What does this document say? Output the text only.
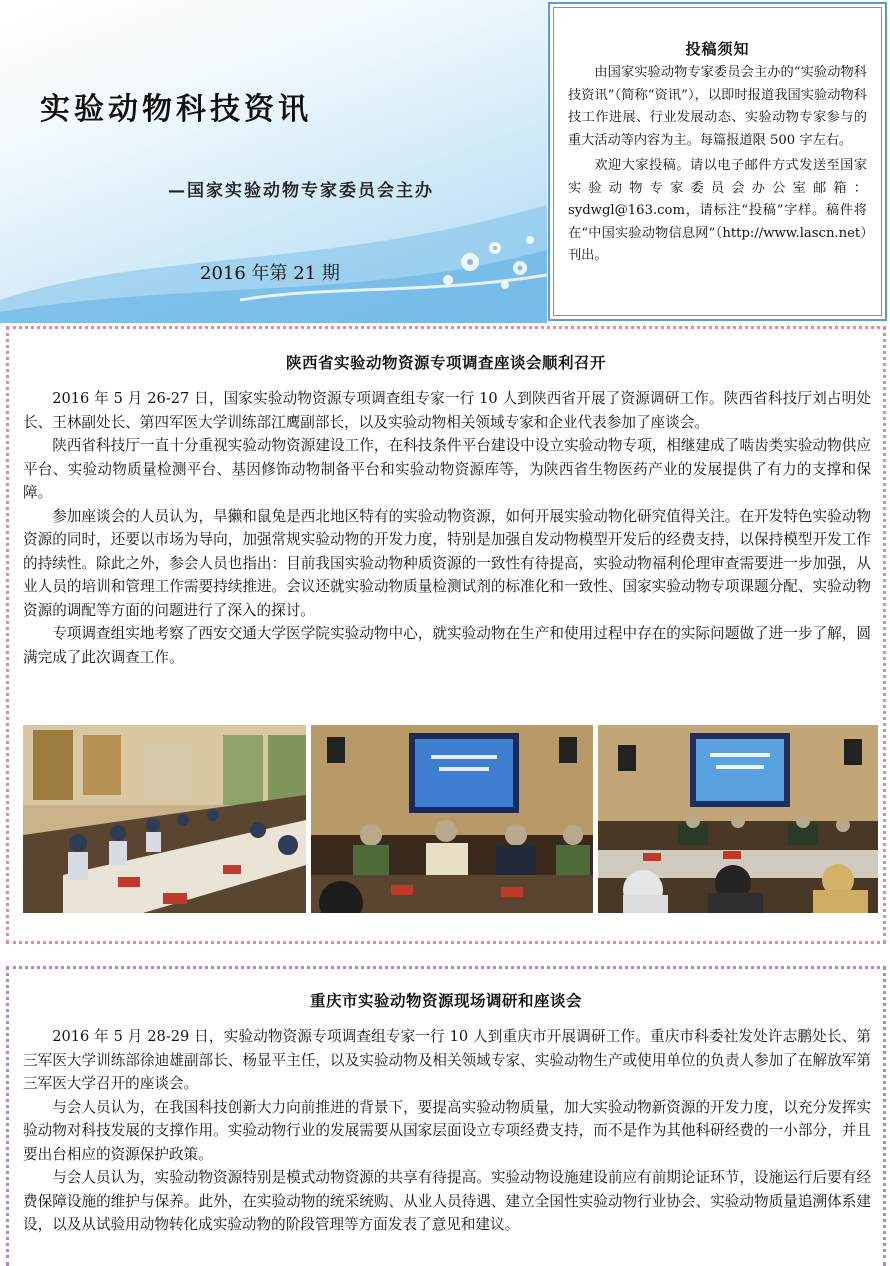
实验动物科技资讯
—国家实验动物专家委员会主办
2016 年第 21 期
投稿须知

由国家实验动物专家委员会主办的“实验动物科技资讯”（简称“资讯”），以即时报道我国实验动物科技工作进展、行业发展动态、实验动物专家参与的重大活动等内容为主。每篇报道限 500 字左右。

欢迎大家投稿。请以电子邮件方式发送至国家实验动物专家委员会办公室邮箱：sydwgl@163.com，请标注“投稿”字样。稿件将在“中国实验动物信息网”（http://www.lascn.net）刊出。

陕西省实验动物资源专项调查座谈会顺利召开

2016 年 5 月 26-27 日，国家实验动物资源专项调查组专家一行 10 人到陕西省开展了资源调研工作。陕西省科技厅刘占明处长、王林副处长、第四军医大学训练部江鹰副部长，以及实验动物相关领域专家和企业代表参加了座谈会。

陕西省科技厅一直十分重视实验动物资源建设工作，在科技条件平台建设中设立实验动物专项，相继建成了啮齿类实验动物供应平台、实验动物质量检测平台、基因修饰动物制备平台和实验动物资源库等，为陕西省生物医药产业的发展提供了有力的支撑和保障。

参加座谈会的人员认为，旱獭和鼠兔是西北地区特有的实验动物资源，如何开展实验动物化研究值得关注。在开发特色实验动物资源的同时，还要以市场为导向，加强常规实验动物的开发力度，特别是加强自发动物模型开发后的经费支持，以保持模型开发工作的持续性。除此之外，参会人员也指出：目前我国实验动物种质资源的一致性有待提高，实验动物福利伦理审查需要进一步加强，从业人员的培训和管理工作需要持续推进。会议还就实验动物质量检测试剂的标准化和一致性、国家实验动物专项课题分配、实验动物资源的调配等方面的问题进行了深入的探讨。

专项调查组实地考察了西安交通大学医学院实验动物中心，就实验动物在生产和使用过程中存在的实际问题做了进一步了解，圆满完成了此次调查工作。

重庆市实验动物资源现场调研和座谈会

2016 年 5 月 28-29 日，实验动物资源专项调查组专家一行 10 人到重庆市开展调研工作。重庆市科委社发处许志鹏处长、第三军医大学训练部徐迪雄副部长、杨显平主任，以及实验动物及相关领域专家、实验动物生产或使用单位的负责人参加了在解放军第三军医大学召开的座谈会。

与会人员认为，在我国科技创新大力向前推进的背景下，要提高实验动物质量，加大实验动物新资源的开发力度，以充分发挥实验动物对科技发展的支撑作用。实验动物行业的发展需要从国家层面设立专项经费支持，而不是作为其他科研经费的一小部分，并且要出台相应的资源保护政策。

与会人员认为，实验动物资源特别是模式动物资源的共享有待提高。实验动物设施建设前应有前期论证环节，设施运行后要有经费保障设施的维护与保养。此外，在实验动物的统采统购、从业人员待遇、建立全国性实验动物行业协会、实验动物质量追溯体系建设，以及从试验用动物转化成实验动物的阶段管理等方面发表了意见和建议。
